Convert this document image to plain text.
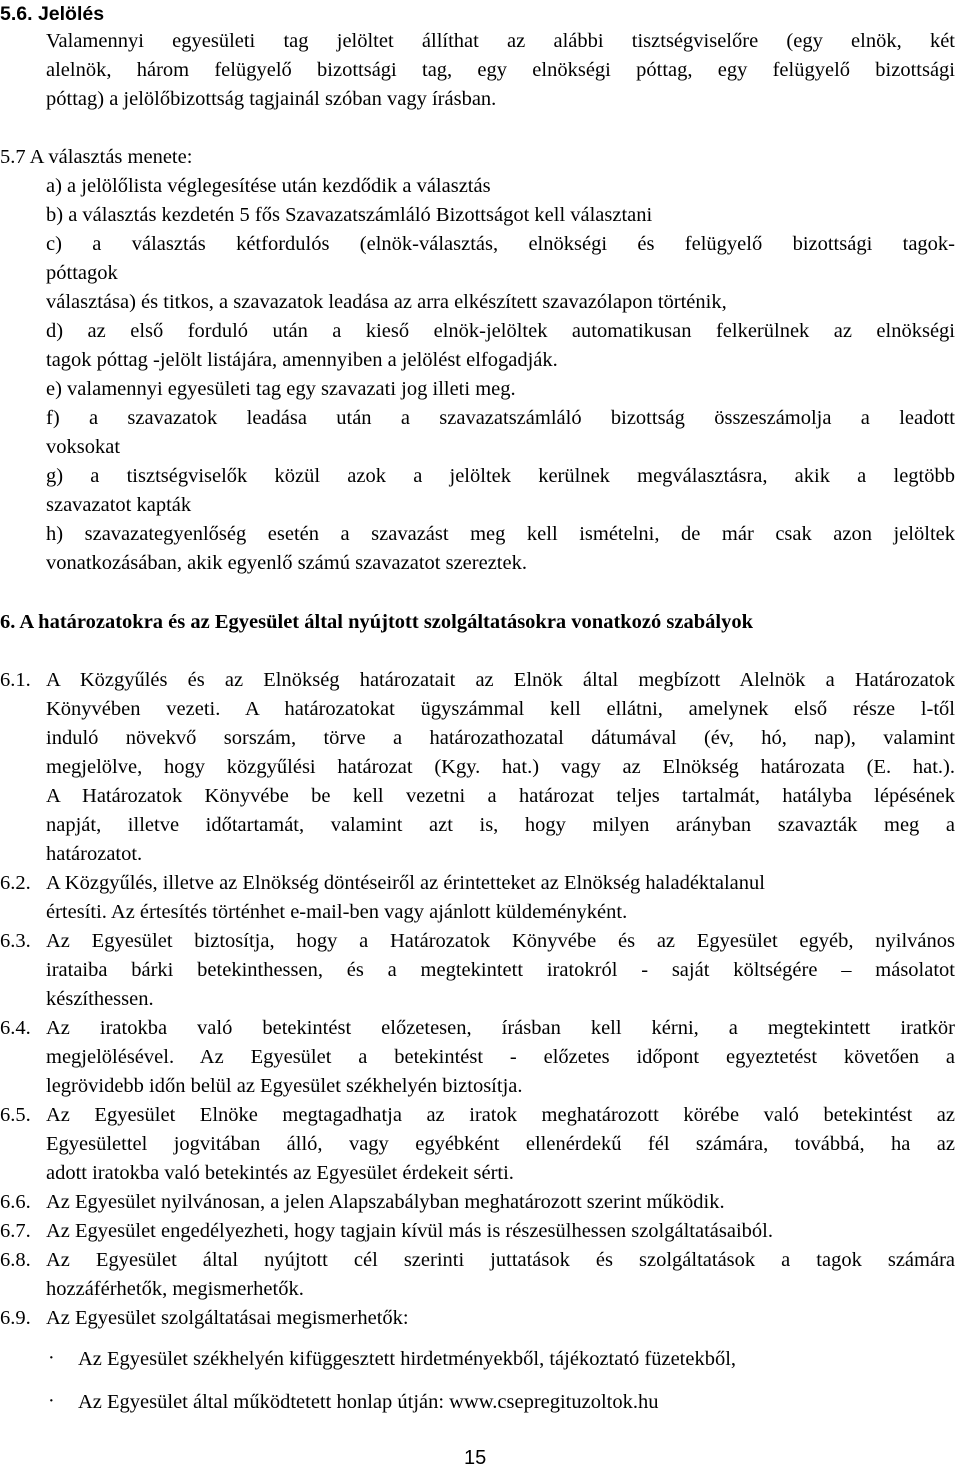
5.6. Jelölés
Valamennyi egyesületi tag jelöltet állíthat az alábbi tisztségviselőre (egy elnök, két
alelnök, három felügyelő bizottsági tag, egy elnökségi póttag, egy felügyelő bizottsági
póttag) a jelölőbizottság tagjainál szóban vagy írásban.
5.7 A választás menete:
a) a jelölőlista véglegesítése után kezdődik a választás
b) a választás kezdetén 5 fős Szavazatszámláló Bizottságot kell választani
c) a választás kétfordulós (elnök-választás, elnökségi és felügyelő bizottsági tagok-
póttagok
választása) és titkos, a szavazatok leadása az arra elkészített szavazólapon történik,
d) az első forduló után a kieső elnök-jelöltek automatikusan felkerülnek az elnökségi
tagok póttag -jelölt listájára, amennyiben a jelölést elfogadják.
e) valamennyi egyesületi tag egy szavazati jog illeti meg.
f) a szavazatok leadása után a szavazatszámláló bizottság összeszámolja a leadott
voksokat
g) a tisztségviselők közül azok a jelöltek kerülnek megválasztásra, akik a legtöbb
szavazatot kapták
h) szavazategyenlőség esetén a szavazást meg kell ismételni, de már csak azon jelöltek
vonatkozásában, akik egyenlő számú szavazatot szereztek.
6. A határozatokra és az Egyesület által nyújtott szolgáltatásokra vonatkozó szabályok
6.1. A Közgyűlés és az Elnökség határozatait az Elnök által megbízott Alelnök a Határozatok
Könyvében vezeti. A határozatokat ügyszámmal kell ellátni, amelynek első része l-től
induló növekvő sorszám, törve a határozathozatal dátumával (év, hó, nap), valamint
megjelölve, hogy közgyűlési határozat (Kgy. hat.) vagy az Elnökség határozata (E. hat.).
A Határozatok Könyvébe be kell vezetni a határozat teljes tartalmát, hatályba lépésének
napját, illetve időtartamát, valamint azt is, hogy milyen arányban szavazták meg a
határozatot.
6.2. A Közgyűlés, illetve az Elnökség döntéseiről az érintetteket az Elnökség haladéktalanul
értesíti. Az értesítés történhet e-mail-ben vagy ajánlott küldeményként.
6.3. Az Egyesület biztosítja, hogy a Határozatok Könyvébe és az Egyesület egyéb, nyilvános
irataiba bárki betekinthessen, és a megtekintett iratokról - saját költségére – másolatot
készíthessen.
6.4. Az iratokba való betekintést előzetesen, írásban kell kérni, a megtekintett iratkör
megjelölésével. Az Egyesület a betekintést - előzetes időpont egyeztetést követően a
legrövidebb időn belül az Egyesület székhelyén biztosítja.
6.5. Az Egyesület Elnöke megtagadhatja az iratok meghatározott körébe való betekintést az
Egyesülettel jogvitában álló, vagy egyébként ellenérdekű fél számára, továbbá, ha az
adott iratokba való betekintés az Egyesület érdekeit sérti.
6.6. Az Egyesület nyilvánosan, a jelen Alapszabályban meghatározott szerint működik.
6.7. Az Egyesület engedélyezheti, hogy tagjain kívül más is részesülhessen szolgáltatásaiból.
6.8. Az Egyesület által nyújtott cél szerinti juttatások és szolgáltatások a tagok számára
hozzáférhetők, megismerhetők.
6.9. Az Egyesület szolgáltatásai megismerhetők:
· Az Egyesület székhelyén kifüggesztett hirdetményekből, tájékoztató füzetekből,
· Az Egyesület által működtetett honlap útján: www.csepregituzoltok.hu
15
